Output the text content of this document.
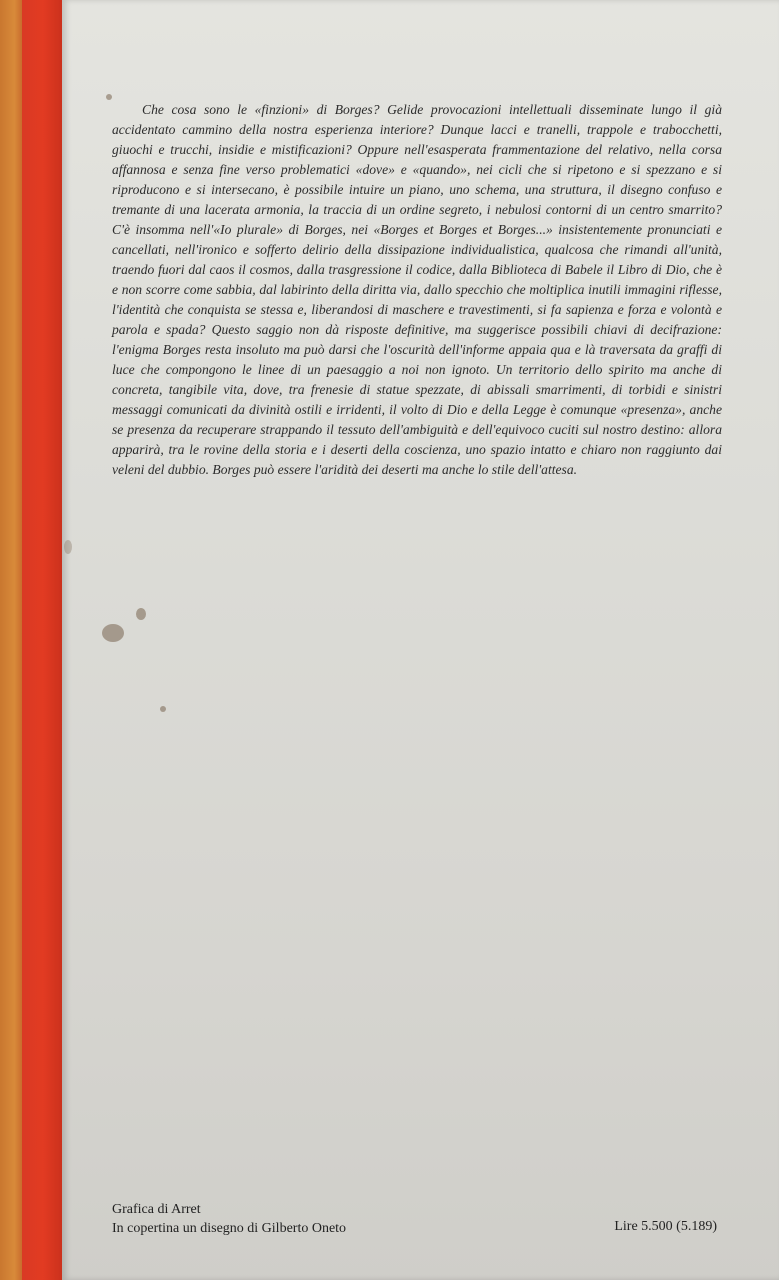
Che cosa sono le «finzioni» di Borges? Gelide provocazioni intellettuali disseminate lungo il già accidentato cammino della nostra esperienza interiore? Dunque lacci e tranelli, trappole e trabocchetti, giuochi e trucchi, insidie e mistificazioni? Oppure nell'esasperata frammentazione del relativo, nella corsa affannosa e senza fine verso problematici «dove» e «quando», nei cicli che si ripetono e si spezzano e si riproducono e si intersecano, è possibile intuire un piano, uno schema, una struttura, il disegno confuso e tremante di una lacerata armonia, la traccia di un ordine segreto, i nebulosi contorni di un centro smarrito? C'è insomma nell'«Io plurale» di Borges, nei «Borges et Borges et Borges...» insistentemente pronunciati e cancellati, nell'ironico e sofferto delirio della dissipazione individualistica, qualcosa che rimandi all'unità, traendo fuori dal caos il cosmos, dalla trasgressione il codice, dalla Biblioteca di Babele il Libro di Dio, che è e non scorre come sabbia, dal labirinto della diritta via, dallo specchio che moltiplica inutili immagini riflesse, l'identità che conquista se stessa e, liberandosi di maschere e travestimenti, si fa sapienza e forza e volontà e parola e spada? Questo saggio non dà risposte definitive, ma suggerisce possibili chiavi di decifrazione: l'enigma Borges resta insoluto ma può darsi che l'oscurità dell'informe appaia qua e là traversata da graffi di luce che compongono le linee di un paesaggio a noi non ignoto. Un territorio dello spirito ma anche di concreta, tangibile vita, dove, tra frenesie di statue spezzate, di abissali smarrimenti, di torbidi e sinistri messaggi comunicati da divinità ostili e irridenti, il volto di Dio e della Legge è comunque «presenza», anche se presenza da recuperare strappando il tessuto dell'ambiguità e dell'equivoco cuciti sul nostro destino: allora apparirà, tra le rovine della storia e i deserti della coscienza, uno spazio intatto e chiaro non raggiunto dai veleni del dubbio. Borges può essere l'aridità dei deserti ma anche lo stile dell'attesa.

Grafica di Arret
In copertina un disegno di Gilberto Oneto	Lire 5.500 (5.189)
